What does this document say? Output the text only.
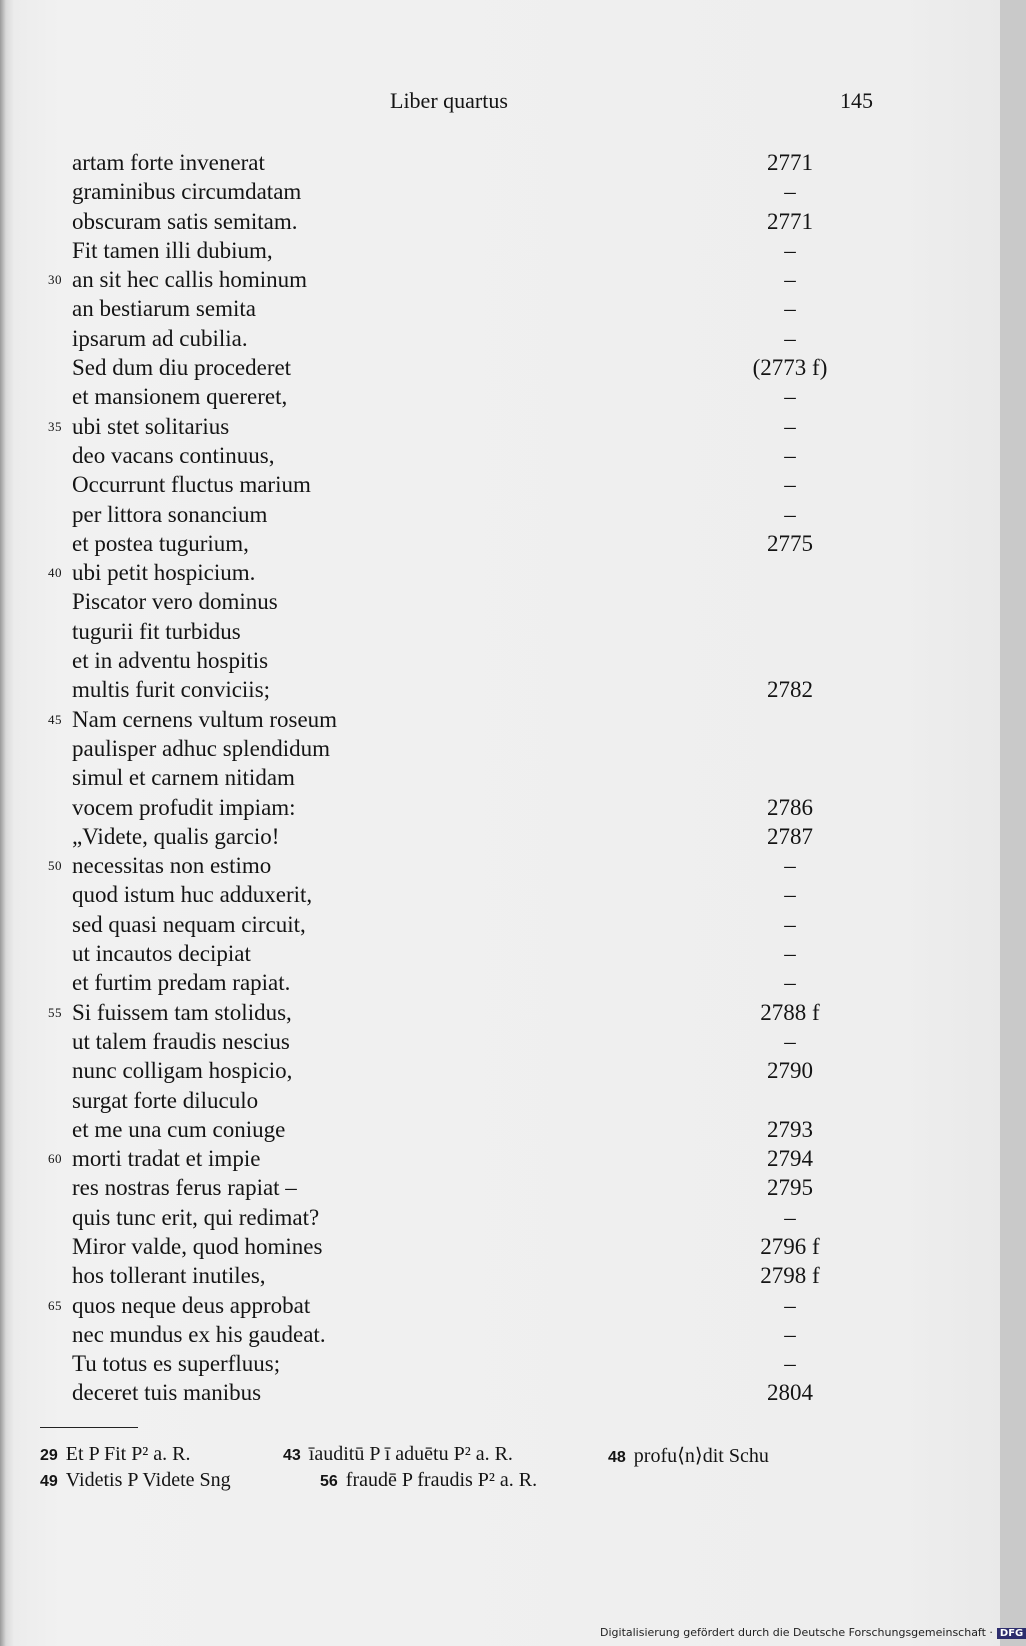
Liber quartus	145
artam forte invenerat	2771
graminibus circumdatam	–
obscuram satis semitam.	2771
Fit tamen illi dubium,	–
30 an sit hec callis hominum	–
an bestiarum semita	–
ipsarum ad cubilia.	–
Sed dum diu procederet	(2773 f)
et mansionem quereret,	–
35 ubi stet solitarius	–
deo vacans continuus,	–
Occurrunt fluctus marium	–
per littora sonancium	–
et postea tugurium,	2775
40 ubi petit hospicium.
Piscator vero dominus
tugurii fit turbidus
et in adventu hospitis
multis furit conviciis;	2782
45 Nam cernens vultum roseum
paulisper adhuc splendidum
simul et carnem nitidam
vocem profudit impiam:	2786
„Videte, qualis garcio!	2787
50 necessitas non estimo	–
quod istum huc adduxerit,	–
sed quasi nequam circuit,	–
ut incautos decipiat	–
et furtim predam rapiat.	–
55 Si fuissem tam stolidus,	2788 f
ut talem fraudis nescius	–
nunc colligam hospicio,	2790
surgat forte diluculo
et me una cum coniuge	2793
60 morti tradat et impie	2794
res nostras ferus rapiat –	2795
quis tunc erit, qui redimat?	–
Miror valde, quod homines	2796 f
hos tollerant inutiles,	2798 f
65 quos neque deus approbat	–
nec mundus ex his gaudeat.	–
Tu totus es superfluus;	–
deceret tuis manibus	2804
29 Et P Fit P² a. R.	43 īauditū P ī aduētu P² a. R.	48 profu⟨n⟩dit Schu
49 Videtis P Videte Sng	56 fraudē P fraudis P² a. R.
Digitalisierung gefördert durch die Deutsche Forschungsgemeinschaft · DFG
